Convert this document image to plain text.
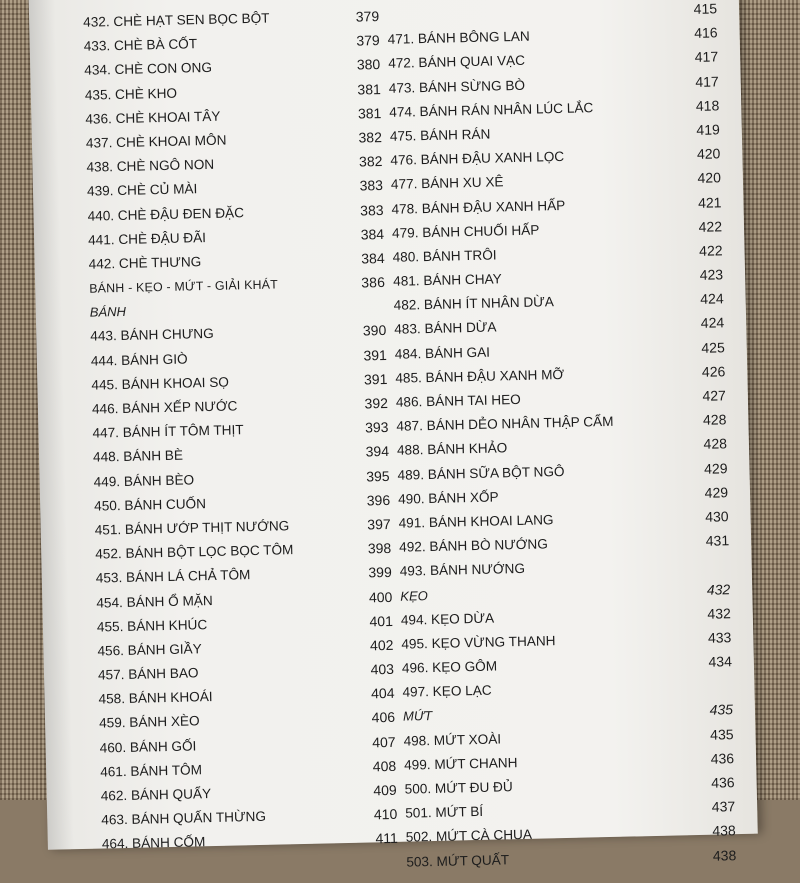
432. CHÈ HẠT SEN BỌC BỘT	379
433. CHÈ BÀ CỐT	379
434. CHÈ CON ONG	380
435. CHÈ KHO	381
436. CHÈ KHOAI TÂY	381
437. CHÈ KHOAI MÔN	382
438. CHÈ NGÔ NON	382
439. CHÈ CỦ MÀI	383
440. CHÈ ĐẬU ĐEN ĐẶC	383
441. CHÈ ĐẬU ĐÃI	384
442. CHÈ THƯNG	384
BÁNH - KẸO - MỨT - GIẢI KHÁT	386
BÁNH
443. BÁNH CHƯNG	390
444. BÁNH GIÒ	391
445. BÁNH KHOAI SỌ	391
446. BÁNH XẾP NƯỚC	392
447. BÁNH ÍT TÔM THỊT	393
448. BÁNH BÈ	394
449. BÁNH BÈO	395
450. BÁNH CUỐN	396
451. BÁNH ƯỚP THỊT NƯỚNG	397
452. BÁNH BỘT LỌC BỌC TÔM	398
453. BÁNH LÁ CHẢ TÔM	399
454. BÁNH Ổ MẶN	400
455. BÁNH KHÚC	401
456. BÁNH GIẦY	402
457. BÁNH BAO	403
458. BÁNH KHOÁI	404
459. BÁNH XÈO	406
460. BÁNH GỐI	407
461. BÁNH TÔM	408
462. BÁNH QUẨY	409
463. BÁNH QUẤN THỪNG	410
464. BÁNH CỐM	411
415
471. BÁNH BÔNG LAN	416
472. BÁNH QUAI VẠC	417
473. BÁNH SỪNG BÒ	417
474. BÁNH RÁN NHÂN LÚC LẮC	418
475. BÁNH RÁN	419
476. BÁNH ĐẬU XANH LỌC	420
477. BÁNH XU XÊ	420
478. BÁNH ĐẬU XANH HẤP	421
479. BÁNH CHUỐI HẤP	422
480. BÁNH TRÔI	422
481. BÁNH CHAY	423
482. BÁNH ÍT NHÂN DỪA	424
483. BÁNH DỪA	424
484. BÁNH GAI	425
485. BÁNH ĐẬU XANH MỠ	426
486. BÁNH TAI HEO	427
487. BÁNH DẺO NHÂN THẬP CẨM	428
488. BÁNH KHẢO	428
489. BÁNH SỮA BỘT NGÔ	429
490. BÁNH XỐP	429
491. BÁNH KHOAI LANG	430
492. BÁNH BÒ NƯỚNG	431
493. BÁNH NƯỚNG
KẸO	432
494. KẸO DỪA	432
495. KẸO VỪNG THANH	433
496. KẸO GÔM	434
497. KẸO LẠC
MỨT	435
498. MỨT XOÀI	435
499. MỨT CHANH	436
500. MỨT ĐU ĐỦ	436
501. MỨT BÍ	437
502. MỨT CÀ CHUA	438
503. MỨT QUẤT	438
